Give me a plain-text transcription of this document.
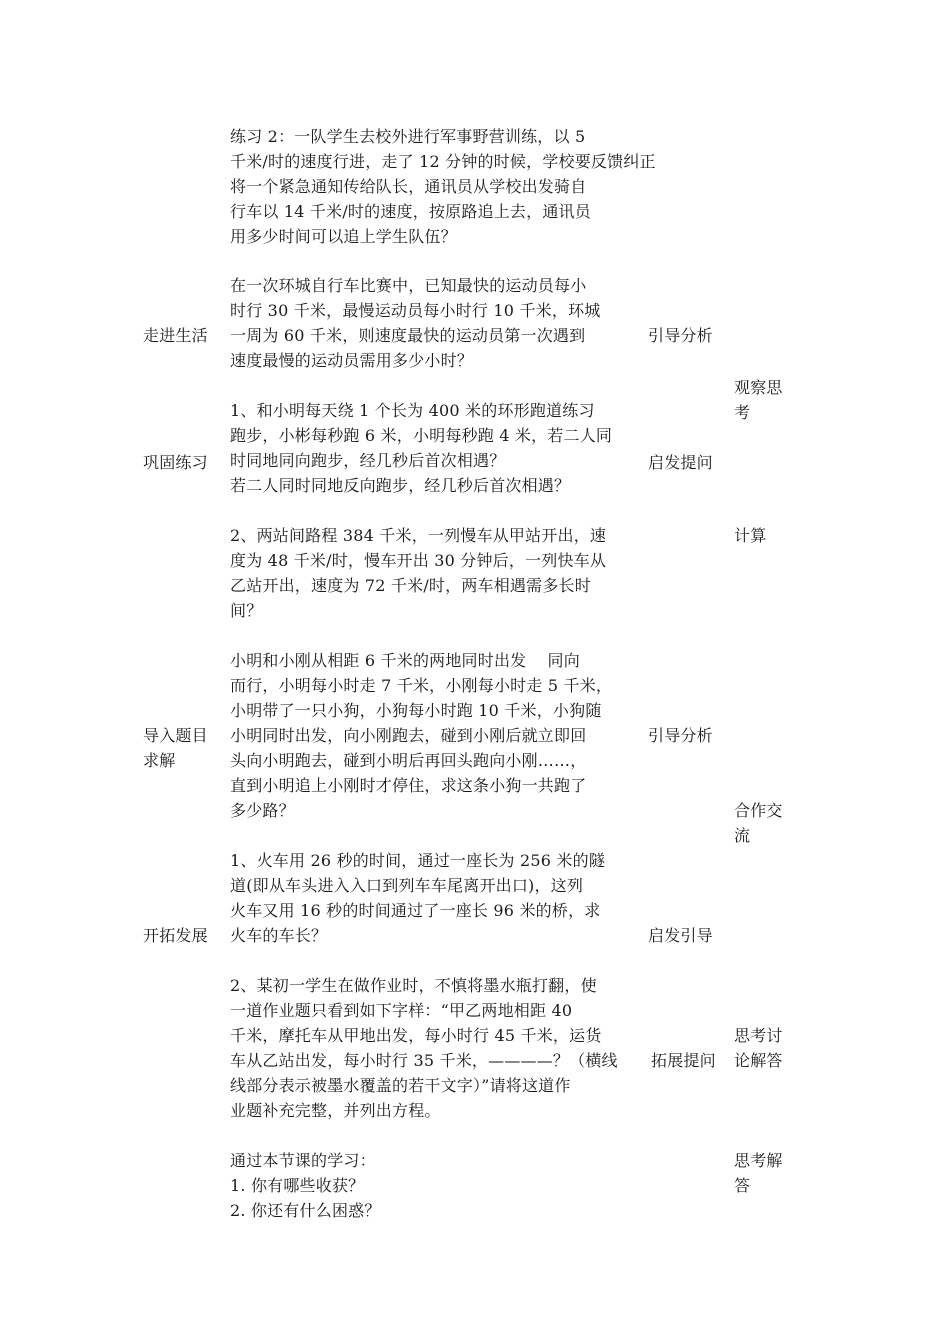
走进生活
巩固练习
导入题目
求解
开拓发展
练习 2：一队学生去校外进行军事野营训练，以 5
千米/时的速度行进，走了 12 分钟的时候，学校要反馈纠正
将一个紧急通知传给队长，通讯员从学校出发骑自
行车以 14 千米/时的速度，按原路追上去，通讯员
用多少时间可以追上学生队伍？
在一次环城自行车比赛中，已知最快的运动员每小
时行 30 千米，最慢运动员每小时行 10 千米，环城
一周为 60 千米，则速度最快的运动员第一次遇到
速度最慢的运动员需用多少小时？
1、和小明每天绕 1 个长为 400 米的环形跑道练习
跑步，小彬每秒跑 6 米，小明每秒跑 4 米，若二人同
时同地同向跑步，经几秒后首次相遇？
若二人同时同地反向跑步，经几秒后首次相遇？
2、两站间路程 384 千米，一列慢车从甲站开出，速
度为 48 千米/时，慢车开出 30 分钟后，一列快车从
乙站开出，速度为 72 千米/时，两车相遇需多长时
间？
小明和小刚从相距 6 千米的两地同时出发    同向
而行，小明每小时走 7 千米，小刚每小时走 5 千米，
小明带了一只小狗，小狗每小时跑 10 千米，小狗随
小明同时出发，向小刚跑去，碰到小刚后就立即回
头向小明跑去，碰到小明后再回头跑向小刚……，
直到小明追上小刚时才停住，求这条小狗一共跑了
多少路？
1、火车用 26 秒的时间，通过一座长为 256 米的隧
道(即从车头进入入口到列车车尾离开出口)，这列
火车又用 16 秒的时间通过了一座长 96 米的桥，求
火车的车长？
2、某初一学生在做作业时，不慎将墨水瓶打翻，使
一道作业题只看到如下字样：“甲乙两地相距 40
千米，摩托车从甲地出发，每小时行 45 千米，运货
车从乙站出发，每小时行 35 千米，————？（横线
线部分表示被墨水覆盖的若干文字）”请将这道作
业题补充完整，并列出方程。
通过本节课的学习：
1. 你有哪些收获？
2. 你还有什么困惑？
引导分析
启发提问
引导分析
启发引导
拓展提问
观察思
考
计算
合作交
流
思考讨
论解答
思考解
答
